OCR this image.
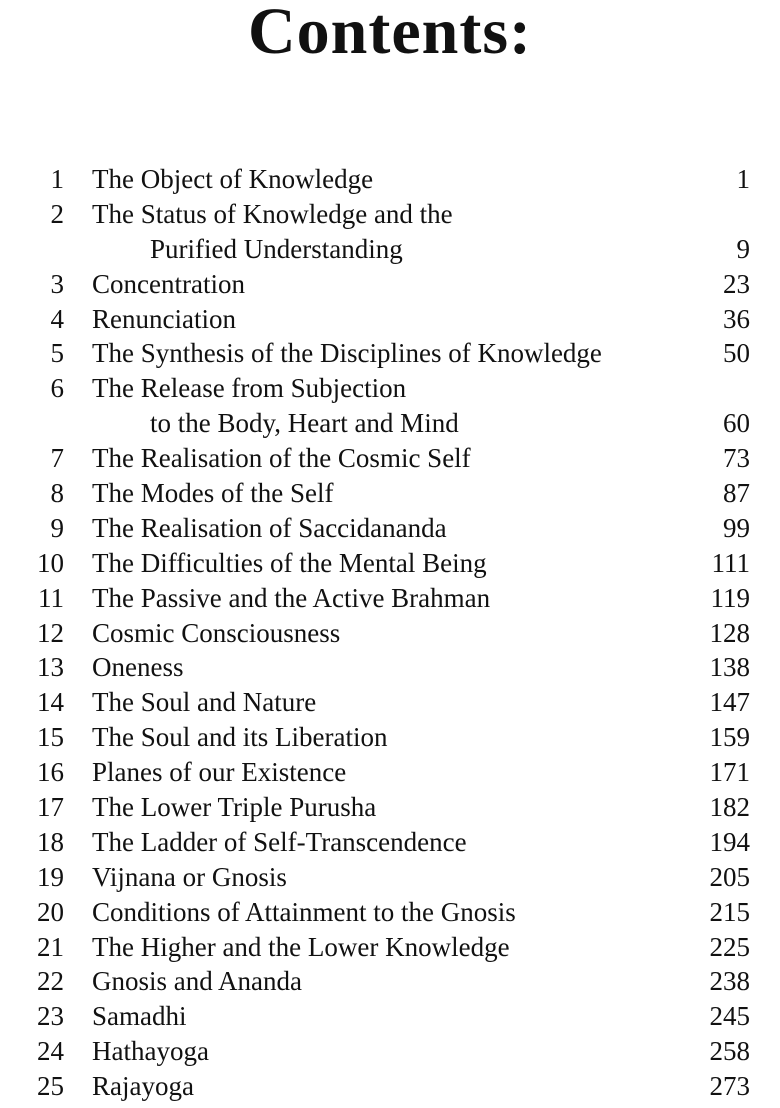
Contents:
1 The Object of Knowledge	1
2 The Status of Knowledge and the
Purified Understanding	9
3 Concentration	23
4 Renunciation	36
5 The Synthesis of the Disciplines of Knowledge	50
6 The Release from Subjection
to the Body, Heart and Mind	60
7 The Realisation of the Cosmic Self	73
8 The Modes of the Self	87
9 The Realisation of Saccidananda	99
10 The Difficulties of the Mental Being	111
11 The Passive and the Active Brahman	119
12 Cosmic Consciousness	128
13 Oneness	138
14 The Soul and Nature	147
15 The Soul and its Liberation	159
16 Planes of our Existence	171
17 The Lower Triple Purusha	182
18 The Ladder of Self-Transcendence	194
19 Vijnana or Gnosis	205
20 Conditions of Attainment to the Gnosis	215
21 The Higher and the Lower Knowledge	225
22 Gnosis and Ananda	238
23 Samadhi	245
24 Hathayoga	258
25 Rajayoga	273
